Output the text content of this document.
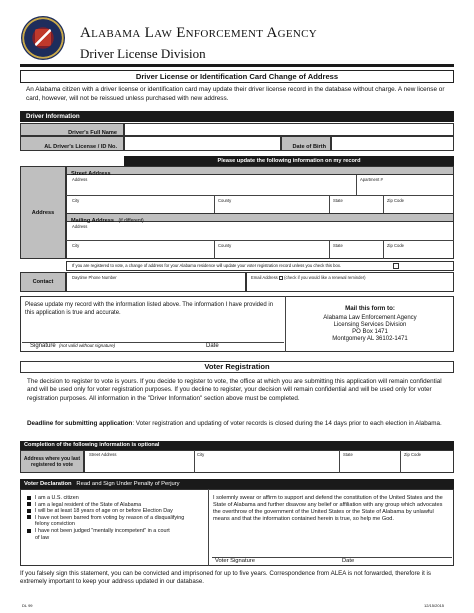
Alabama Law Enforcement Agency
Driver License Division
Driver License or Identification Card Change of Address
An Alabama citizen with a driver license or identification card may update their driver license record in the database without charge. A new license or card, however, will not be reissued unless purchased with new address.
Driver Information
Driver's Full Name
AL Driver's License / ID No.	Date of Birth
Please update the following information on my record
Address
Street Address
Address	Apartment #
City	County	State	Zip Code
Mailing Address (if different)
Address
City	County	State	Zip Code
If you are registered to vote, a change of address for your Alabama residence will update your voter registration record unless you check this box.
Contact
Daytime Phone Number	Email Address (check if you would like a renewal reminder)
Please update my record with the information listed above. The information I have provided in this application is true and accurate.
Signature (not valid without signature)	Date
Mail this form to:
Alabama Law Enforcement Agency
Licensing Services Division
PO Box 1471
Montgomery AL 36102-1471
Voter Registration
The decision to register to vote is yours. If you decide to register to vote, the office at which you are submitting this application will remain confidential and will be used only for voter registration purposes. If you decline to register, your decision will remain confidential and will be used only for voter registration purposes. All information in the "Driver Information" section above must be completed.
Deadline for submitting application: Voter registration and updating of voter records is closed during the 14 days prior to each election in Alabama.
Completion of the following information is optional
Address where you last registered to vote
Street Address	City	State	Zip Code
Voter Declaration Read and Sign Under Penalty of Perjury
I am a U.S. citizen
I am a legal resident of the State of Alabama
I will be at least 18 years of age on or before Election Day
I have not been barred from voting by reason of a disqualifying
felony conviction
I have not been judged "mentally incompetent" in a court
of law
I solemnly swear or affirm to support and defend the constitution of the United States and the State of Alabama and further disavow any belief or affiliation with any group which advocates the overthrow of the government of the United States or the State of Alabama by unlawful means and that the information contained herein is true, so help me God.
Voter Signature	Date
If you falsely sign this statement, you can be convicted and imprisoned for up to five years. Correspondence from ALEA is not forwarded, therefore it is extremely important to keep your address updated in our database.
DL 99	12/15/2015
